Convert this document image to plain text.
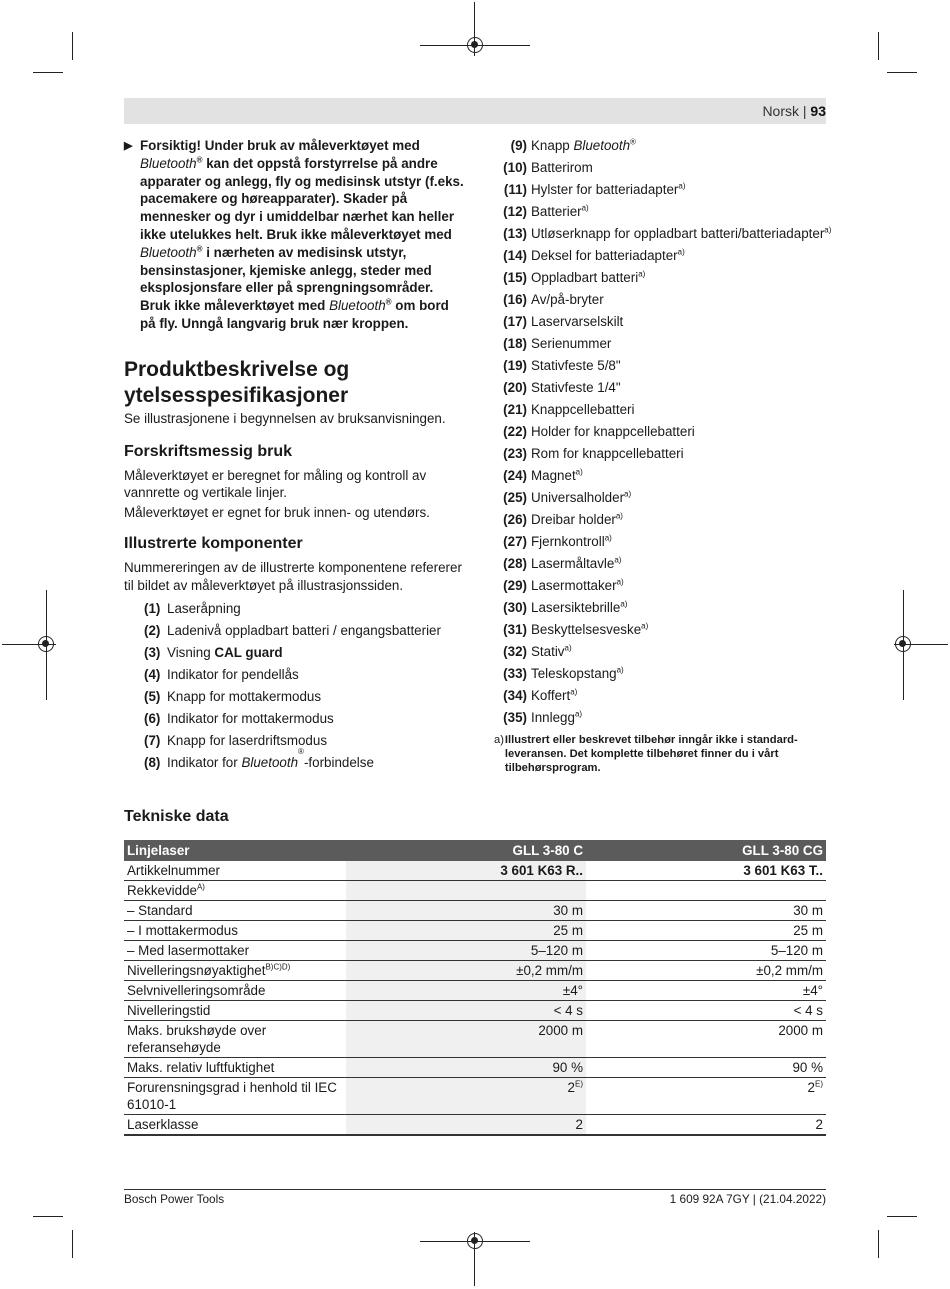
Norsk | 93
▶ Forsiktig! Under bruk av måleverktøyet med Bluetooth® kan det oppstå forstyrrelse på andre apparater og anlegg, fly og medisinsk utstyr (f.eks. pacemakere og høreapparater). Skader på mennesker og dyr i umiddelbar nærhet kan heller ikke utelukkes helt. Bruk ikke måleverktøyet med Bluetooth® i nærheten av medisinsk utstyr, bensinstasjoner, kjemiske anlegg, steder med eksplosjonsfare eller på sprengningsområder. Bruk ikke måleverktøyet med Bluetooth® om bord på fly. Unngå langvarig bruk nær kroppen.
Produktbeskrivelse og
ytelsesspesifikasjoner

Se illustrasjonene i begynnelsen av bruksanvisningen.

Forskriftsmessig bruk

Måleverktøyet er beregnet for måling og kontroll av vannrette og vertikale linjer.

Måleverktøyet er egnet for bruk innen- og utendørs.

Illustrerte komponenter

Nummereringen av de illustrerte komponentene refererer til bildet av måleverktøyet på illustrasjonssiden.

(1) Laseråpning
(2) Ladenivå oppladbart batteri / engangsbatterier
(3) Visning CAL guard
(4) Indikator for pendellås
(5) Knapp for mottakermodus
(6) Indikator for mottakermodus
(7) Knapp for laserdriftsmodus
(8) Indikator for Bluetooth
®
-forbindelse
(9) Knapp Bluetooth®
(10) Batterirom
(11) Hylster for batteriadapter$^{a)}$
(12) Batterier$^{a)}$
(13) Utløserknapp for oppladbart batteri/batteriadapter$^{a)}$
(14) Deksel for batteriadapter$^{a)}$
(15) Oppladbart batteri$^{a)}$
(16) Av/på-bryter
(17) Laservarselskilt
(18) Serienummer
(19) Stativfeste 5/8"
(20) Stativfeste 1/4"
(21) Knappcellebatteri
(22) Holder for knappcellebatteri
(23) Rom for knappcellebatteri
(24) Magnet$^{a)}$
(25) Universalholder$^{a)}$
(26) Dreibar holder$^{a)}$
(27) Fjernkontroll$^{a)}$
(28) Lasermåltavle$^{a)}$
(29) Lasermottaker$^{a)}$
(30) Lasersiktebrille$^{a)}$
(31) Beskyttelsesveske$^{a)}$
(32) Stativ$^{a)}$
(33) Teleskopstang$^{a)}$
(34) Koffert$^{a)}$
(35) Innlegg$^{a)}$
a) Illustrert eller beskrevet tilbehør inngår ikke i standard-leveransen. Det komplette tilbehøret finner du i vårt tilbehørsprogram.
Tekniske data
Linjelaser	GLL 3-80 C	GLL 3-80 CG
Artikkelnummer	3 601 K63 R..	3 601 K63 T..
Rekkevidde$^{A)}$		
– Standard	30 m	30 m
– I mottakermodus	25 m	25 m
– Med lasermottaker	5–120 m	5–120 m
Nivelleringsnøyaktighet$^{B)C)D)}$	±0,2 mm/m	±0,2 mm/m
Selvnivelleringsområde	±4°	±4°
Nivelleringstid	< 4 s	< 4 s
Maks. brukshøyde over referansehøyde	2000 m	2000 m
Maks. relativ luftfuktighet	90 %	90 %
Forurensningsgrad i henhold til IEC 61010-1	$2^{E)}$	$2^{E)}$
Laserklasse	2	2
Bosch Power Tools	1 609 92A 7GY | (21.04.2022)
